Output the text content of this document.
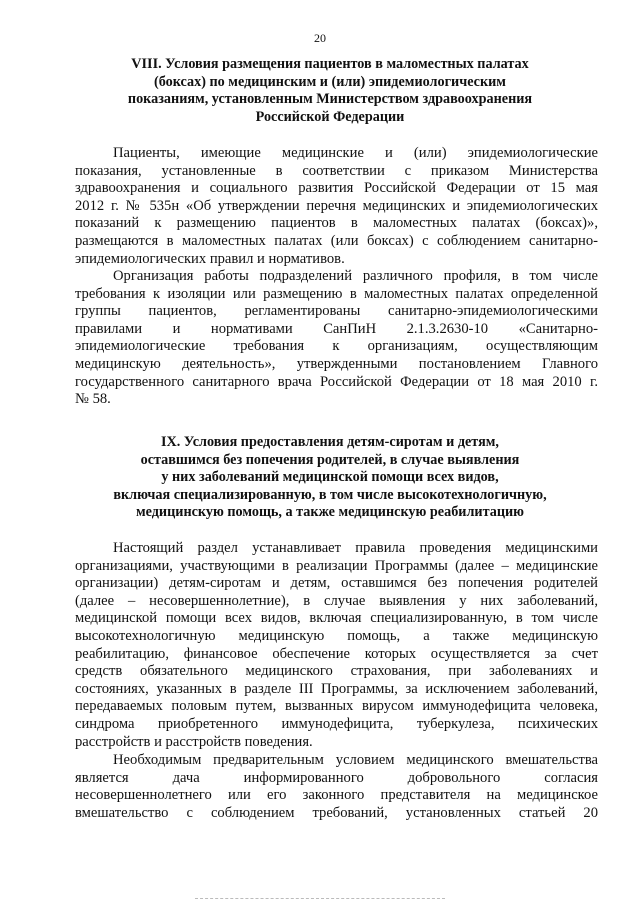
20
VIII. Условия размещения пациентов в маломестных палатах
(боксах) по медицинским и (или) эпидемиологическим
показаниям, установленным Министерством здравоохранения
Российской Федерации
Пациенты, имеющие медицинские и (или) эпидемиологические
показания, установленные в соответствии с приказом Министерства
здравоохранения и социального развития Российской Федерации от 15 мая
2012 г. № 535н «Об утверждении перечня медицинских и эпидемиологических
показаний к размещению пациентов в маломестных палатах (боксах)»,
размещаются в маломестных палатах (или боксах) с соблюдением санитарно-
эпидемиологических правил и нормативов.
Организация работы подразделений различного профиля, в том числе
требования к изоляции или размещению в маломестных палатах определенной
группы пациентов, регламентированы санитарно-эпидемиологическими
правилами и нормативами СанПиН 2.1.3.2630-10 «Санитарно-
эпидемиологические требования к организациям, осуществляющим
медицинскую деятельность», утвержденными постановлением Главного
государственного санитарного врача Российской Федерации от 18 мая 2010 г.
№ 58.
IX. Условия предоставления детям-сиротам и детям,
оставшимся без попечения родителей, в случае выявления
у них заболеваний медицинской помощи всех видов,
включая специализированную, в том числе высокотехнологичную,
медицинскую помощь, а также медицинскую реабилитацию
Настоящий раздел устанавливает правила проведения медицинскими
организациями, участвующими в реализации Программы (далее – медицинские
организации) детям-сиротам и детям, оставшимся без попечения родителей
(далее – несовершеннолетние), в случае выявления у них заболеваний,
медицинской помощи всех видов, включая специализированную, в том числе
высокотехнологичную медицинскую помощь, а также медицинскую
реабилитацию, финансовое обеспечение которых осуществляется за счет
средств обязательного медицинского страхования, при заболеваниях и
состояниях, указанных в разделе III Программы, за исключением заболеваний,
передаваемых половым путем, вызванных вирусом иммунодефицита человека,
синдрома приобретенного иммунодефицита, туберкулеза, психических
расстройств и расстройств поведения.
Необходимым предварительным условием медицинского вмешательства
является дача информированного добровольного согласия
несовершеннолетнего или его законного представителя на медицинское
вмешательство с соблюдением требований, установленных статьей 20
